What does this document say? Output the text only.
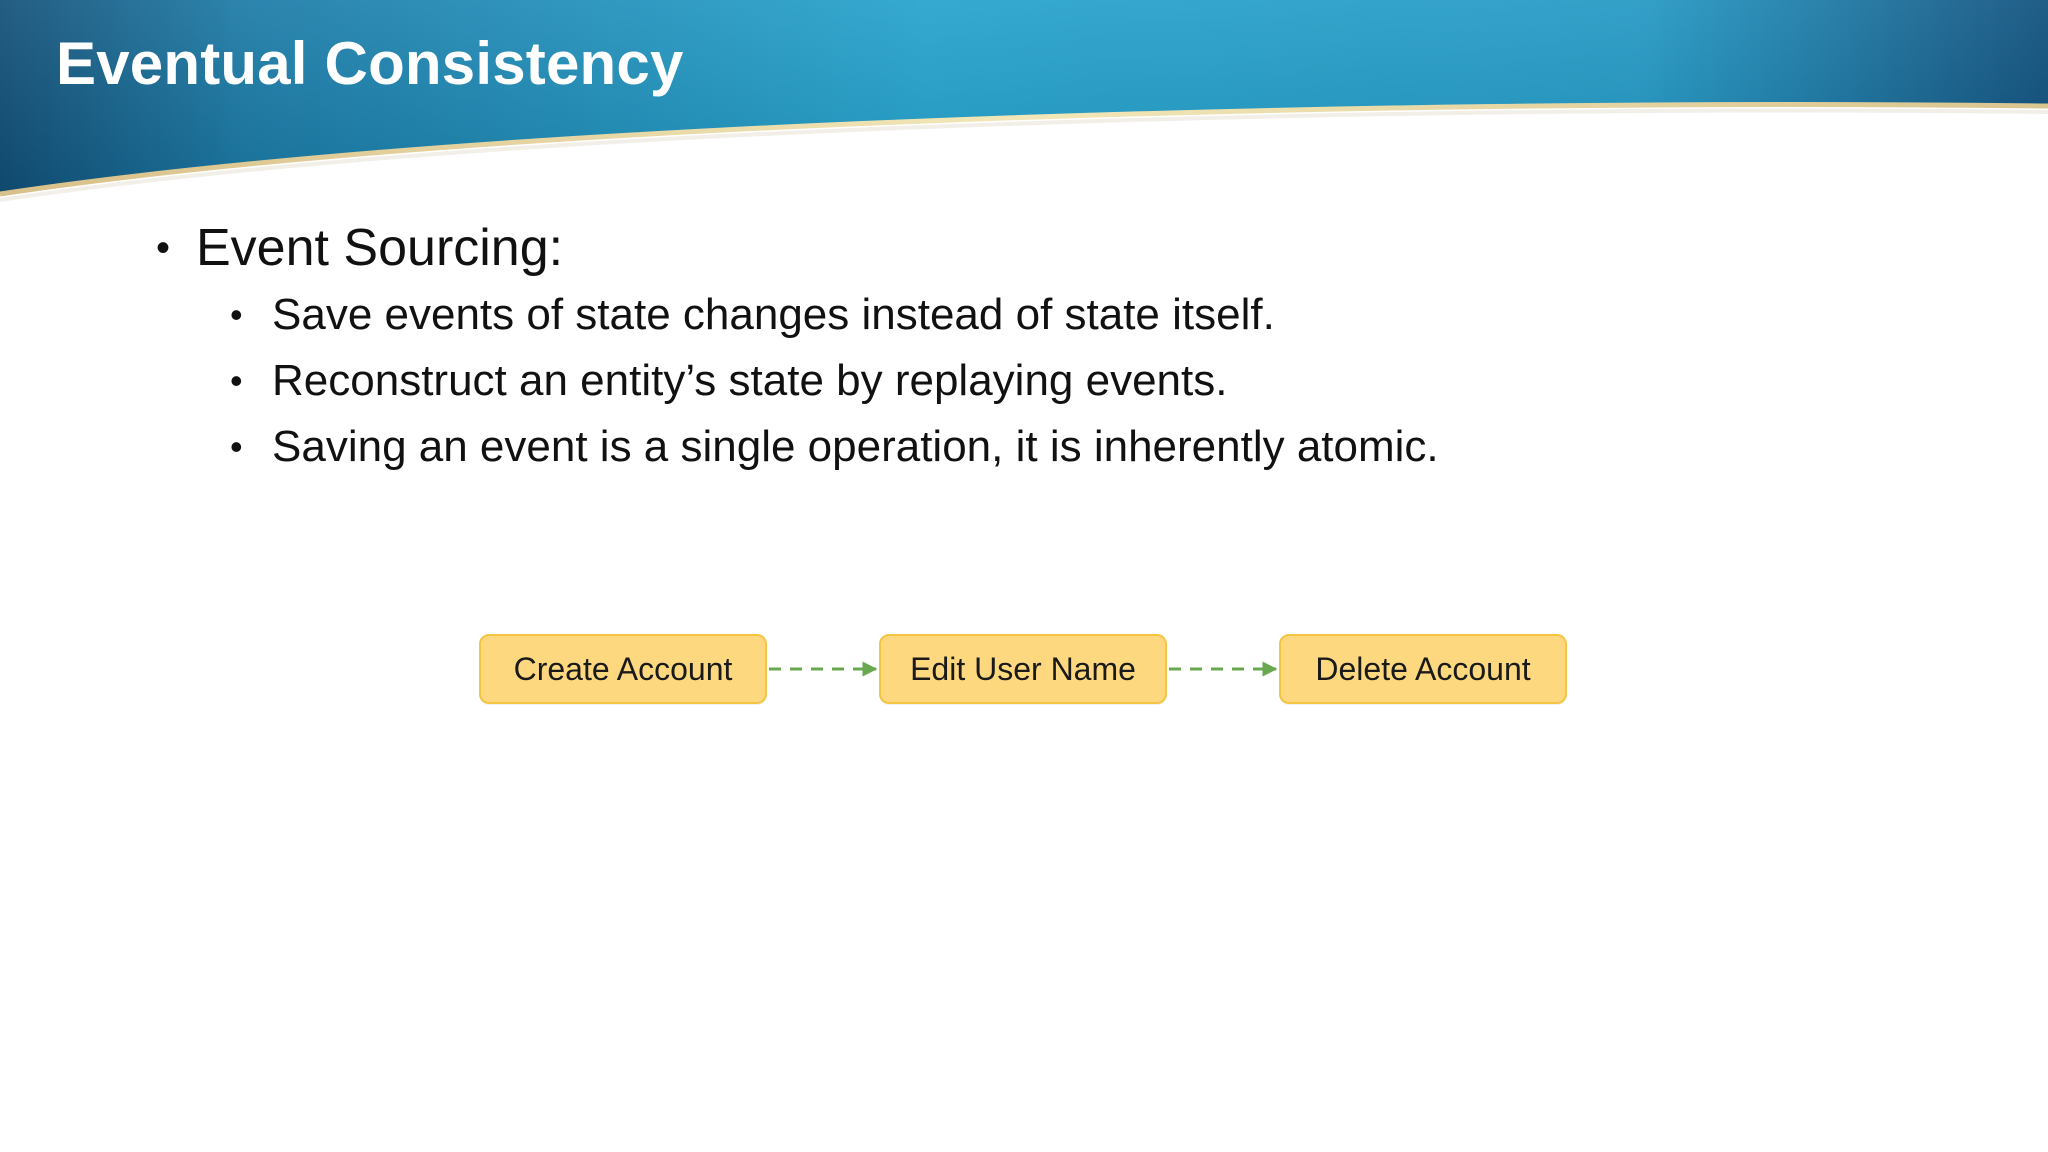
Eventual Consistency
• Event Sourcing:
• Save events of state changes instead of state itself.
• Reconstruct an entity’s state by replaying events.
• Saving an event is a single operation, it is inherently atomic.
Create Account	Edit User Name	Delete Account
